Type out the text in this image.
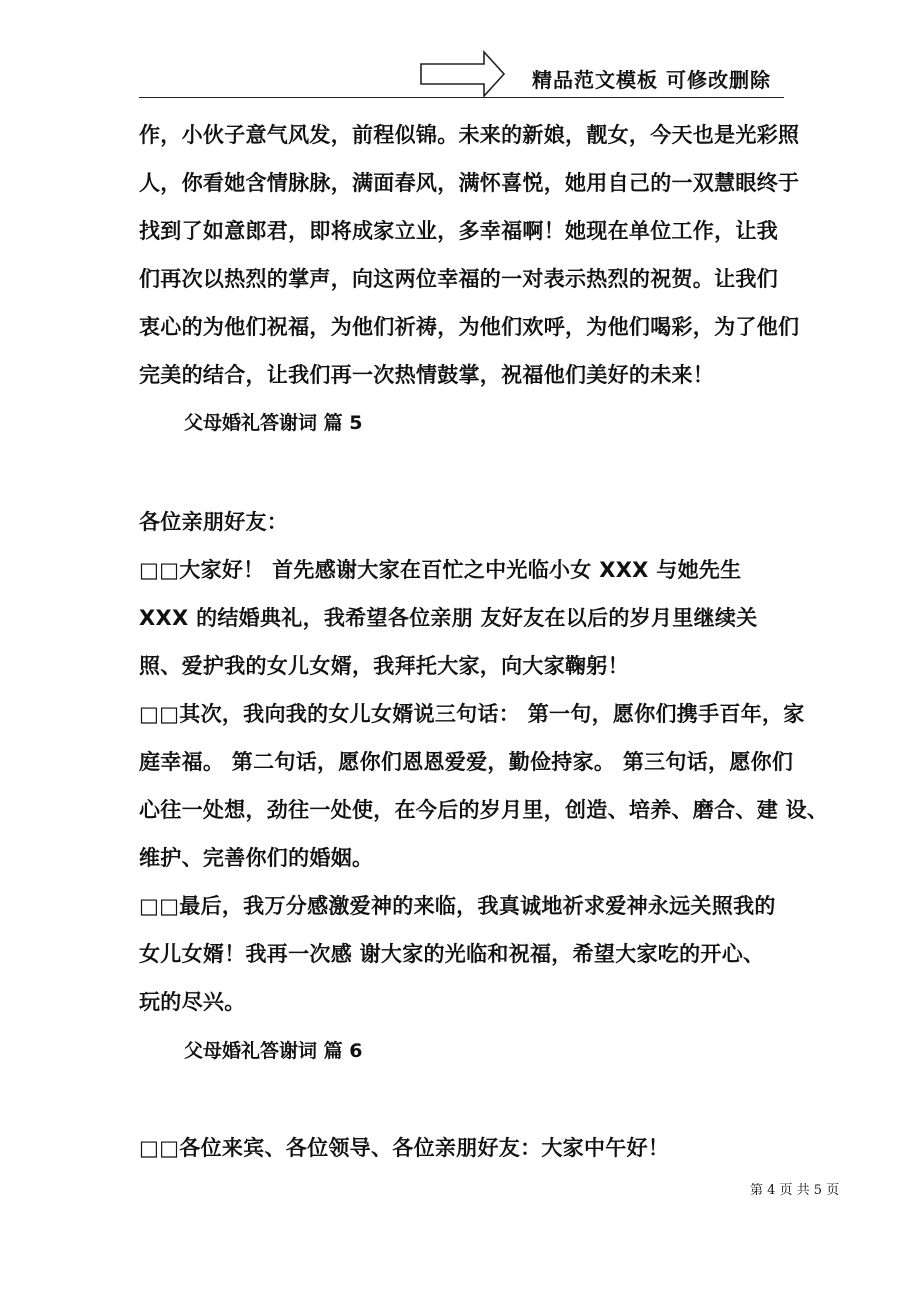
精品范文模板 可修改删除
作，小伙子意气风发，前程似锦。未来的新娘，靓女，今天也是光彩照
人，你看她含情脉脉，满面春风，满怀喜悦，她用自己的一双慧眼终于
找到了如意郎君，即将成家立业，多幸福啊！她现在单位工作，让我
们再次以热烈的掌声，向这两位幸福的一对表示热烈的祝贺。让我们
衷心的为他们祝福，为他们祈祷，为他们欢呼，为他们喝彩，为了他们
完美的结合，让我们再一次热情鼓掌，祝福他们美好的未来！
父母婚礼答谢词 篇 5
各位亲朋好友：
□□大家好！ 首先感谢大家在百忙之中光临小女 XXX 与她先生
XXX 的结婚典礼，我希望各位亲朋 友好友在以后的岁月里继续关
照、爱护我的女儿女婿，我拜托大家，向大家鞠躬！
□□其次，我向我的女儿女婿说三句话： 第一句，愿你们携手百年，家
庭幸福。 第二句话，愿你们恩恩爱爱，勤俭持家。 第三句话，愿你们
心往一处想，劲往一处使，在今后的岁月里，创造、培养、磨合、建 设、
维护、完善你们的婚姻。
□□最后，我万分感激爱神的来临，我真诚地祈求爱神永远关照我的
女儿女婿！我再一次感 谢大家的光临和祝福，希望大家吃的开心、
玩的尽兴。
父母婚礼答谢词 篇 6
□□各位来宾、各位领导、各位亲朋好友：大家中午好！
第 4 页 共 5 页
